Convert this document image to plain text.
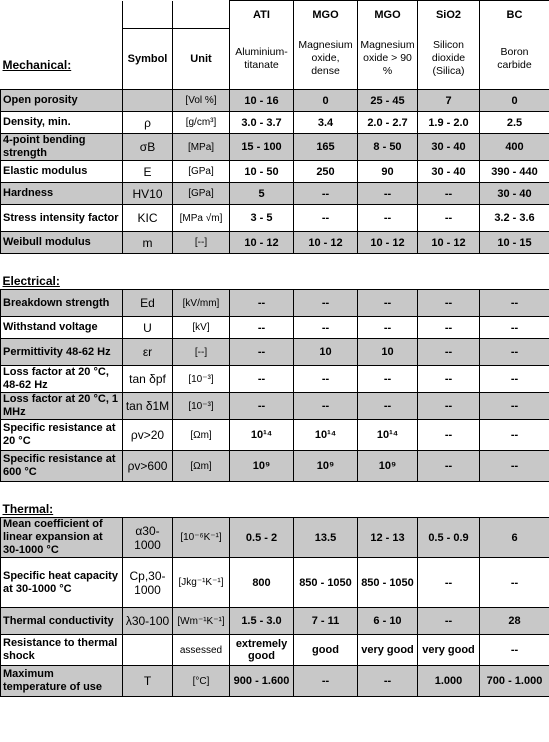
			ATI	MGO	MGO	SiO2	BC
Mechanical:	Symbol	Unit	Aluminium-titanate	Magnesium oxide, dense	Magnesium oxide > 90 %	Silicon dioxide (Silica)	Boron carbide
Open porosity		[Vol %]	10 - 16	0	25 - 45	7	0
Density, min.	ρ	[g/cm³]	3.0 - 3.7	3.4	2.0 - 2.7	1.9 - 2.0	2.5
4-point bending strength	σB	[MPa]	15 - 100	165	8 - 50	30 - 40	400
Elastic modulus	E	[GPa]	10 - 50	250	90	30 - 40	390 - 440
Hardness	HV10	[GPa]	5	--	--	--	30 - 40
Stress intensity factor	KIC	[MPa √m]	3 - 5	--	--	--	3.2 - 3.6
Weibull modulus	m	[--]	10 - 12	10 - 12	10 - 12	10 - 12	10 - 15
Electrical:							
Breakdown strength	Ed	[kV/mm]	--	--	--	--	--
Withstand voltage	U	[kV]	--	--	--	--	--
Permittivity 48-62 Hz	εr	[--]	--	10	10	--	--
Loss factor at 20 °C, 48-62 Hz	tan δpf	[10⁻³]	--	--	--	--	--
Loss factor at 20 °C, 1 MHz	tan δ1M	[10⁻³]	--	--	--	--	--
Specific resistance at 20 °C	ρv>20	[Ωm]	10¹⁴	10¹⁴	10¹⁴	--	--
Specific resistance at 600 °C	ρv>600	[Ωm]	10⁹	10⁹	10⁹	--	--
Thermal:							
Mean coefficient of linear expansion at 30-1000 °C	α30-1000	[10⁻⁶K⁻¹]	0.5 - 2	13.5	12 - 13	0.5 - 0.9	6
Specific heat capacity at 30-1000 °C	Cp,30-1000	[Jkg⁻¹K⁻¹]	800	850 - 1050	850 - 1050	--	--
Thermal conductivity	λ30-100	[Wm⁻¹K⁻¹]	1.5 - 3.0	7 - 11	6 - 10	--	28
Resistance to thermal shock		assessed	extremely good	good	very good	very good	--
Maximum temperature of use	T	[°C]	900 - 1.600	--	--	1.000	700 - 1.000
